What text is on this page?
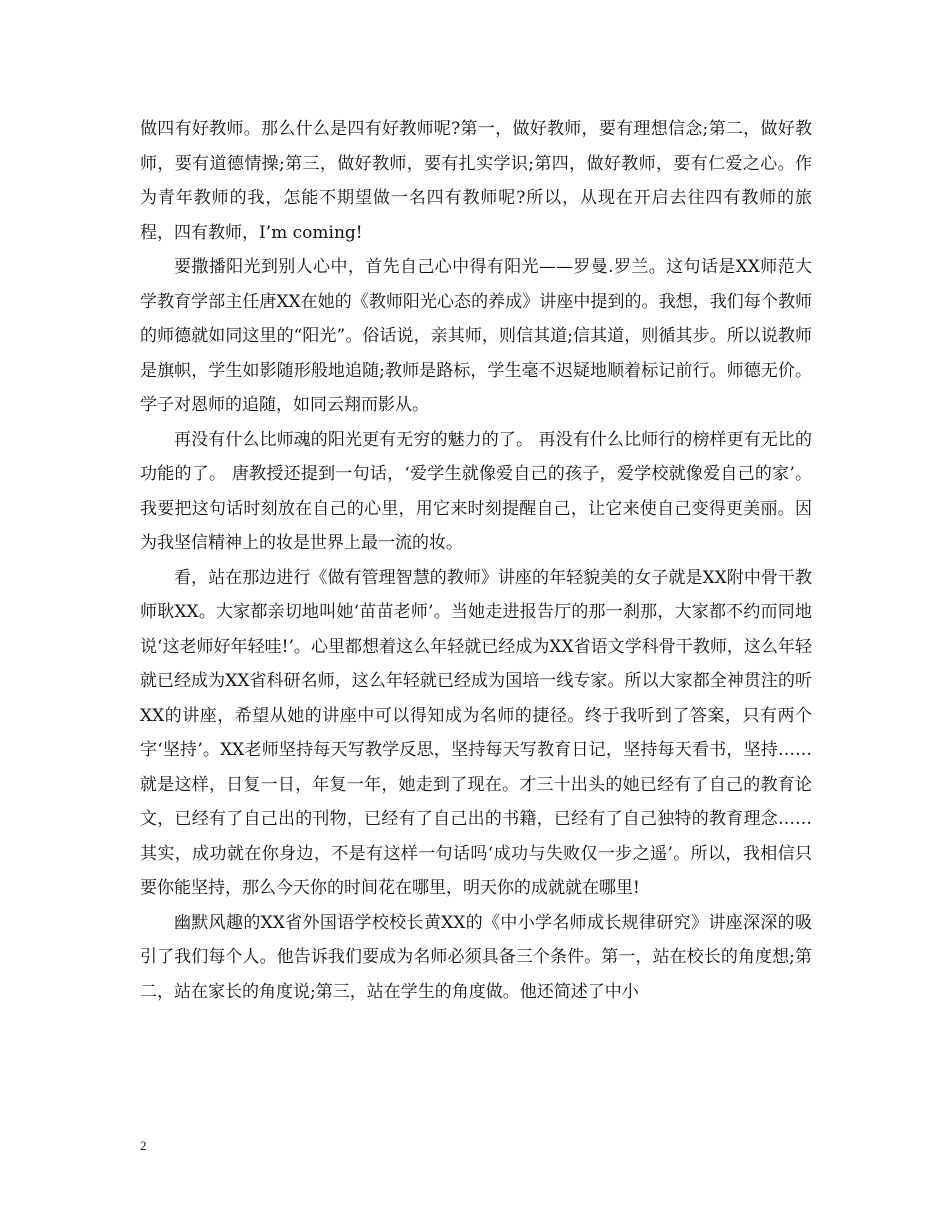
做四有好教师。那么什么是四有好教师呢?第一，做好教师，要有理想信念;第二，做好教师，要有道德情操;第三，做好教师，要有扎实学识;第四，做好教师，要有仁爱之心。作为青年教师的我，怎能不期望做一名四有教师呢?所以，从现在开启去往四有教师的旅程，四有教师，I’m coming!

要撒播阳光到别人心中，首先自己心中得有阳光——罗曼.罗兰。这句话是XX师范大学教育学部主任唐XX在她的《教师阳光心态的养成》讲座中提到的。我想，我们每个教师的师德就如同这里的“阳光”。俗话说，亲其师，则信其道;信其道，则循其步。所以说教师是旗帜，学生如影随形般地追随;教师是路标，学生毫不迟疑地顺着标记前行。师德无价。学子对恩师的追随，如同云翔而影从。

再没有什么比师魂的阳光更有无穷的魅力的了。 再没有什么比师行的榜样更有无比的功能的了。 唐教授还提到一句话，‘爱学生就像爱自己的孩子，爱学校就像爱自己的家’。我要把这句话时刻放在自己的心里，用它来时刻提醒自己，让它来使自己变得更美丽。因为我坚信精神上的妆是世界上最一流的妆。

看，站在那边进行《做有管理智慧的教师》讲座的年轻貌美的女子就是XX附中骨干教师耿XX。大家都亲切地叫她‘苗苗老师’。当她走进报告厅的那一刹那，大家都不约而同地说‘这老师好年轻哇!’。心里都想着这么年轻就已经成为XX省语文学科骨干教师，这么年轻就已经成为XX省科研名师，这么年轻就已经成为国培一线专家。所以大家都全神贯注的听XX的讲座，希望从她的讲座中可以得知成为名师的捷径。终于我听到了答案，只有两个字‘坚持’。XX老师坚持每天写教学反思，坚持每天写教育日记，坚持每天看书，坚持…… 就是这样，日复一日，年复一年，她走到了现在。才三十出头的她已经有了自己的教育论文，已经有了自己出的刊物，已经有了自己出的书籍，已经有了自己独特的教育理念……其实，成功就在你身边，不是有这样一句话吗‘成功与失败仅一步之遥’。所以，我相信只要你能坚持，那么今天你的时间花在哪里，明天你的成就就在哪里!

幽默风趣的XX省外国语学校校长黄XX的《中小学名师成长规律研究》讲座深深的吸引了我们每个人。他告诉我们要成为名师必须具备三个条件。第一，站在校长的角度想;第二，站在家长的角度说;第三，站在学生的角度做。他还简述了中小

2
